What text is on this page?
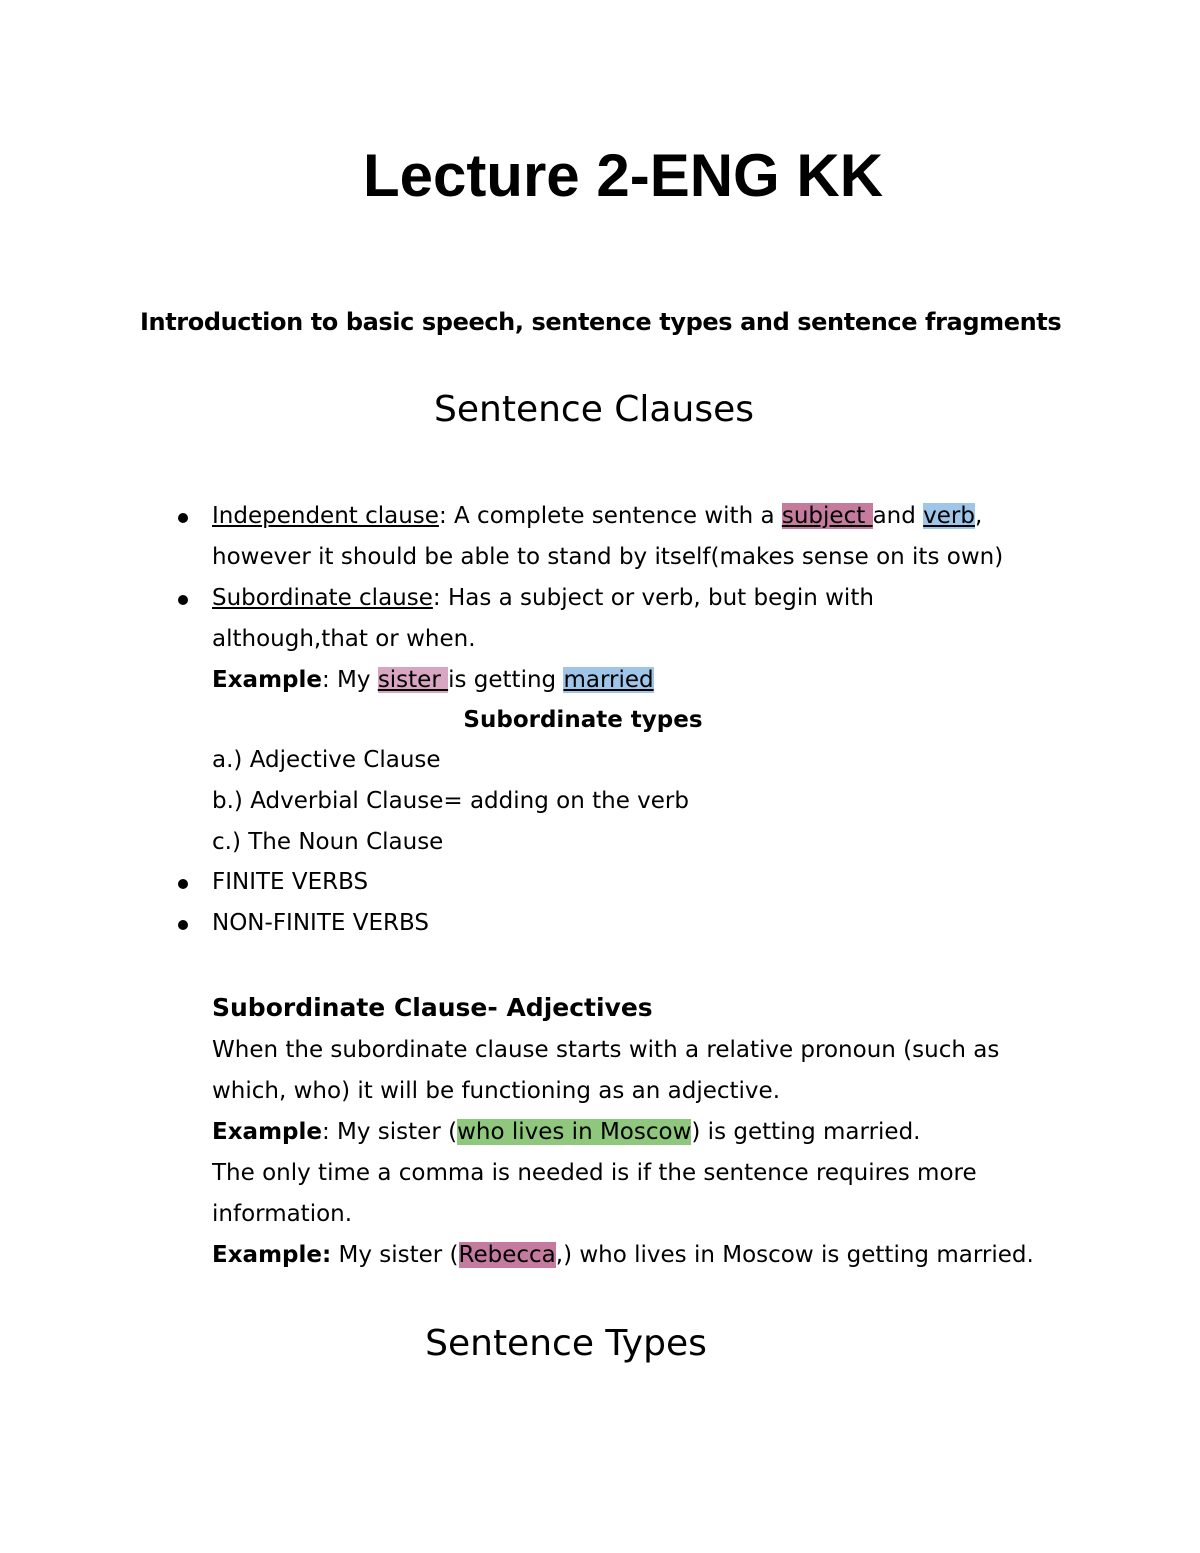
Lecture 2-ENG KK
Introduction to basic speech, sentence types and sentence fragments
Sentence Clauses
Independent clause: A complete sentence with a subject and verb,
however it should be able to stand by itself(makes sense on its own)
Subordinate clause: Has a subject or verb, but begin with
although,that or when.
Example: My sister is getting married
Subordinate types
a.) Adjective Clause
b.) Adverbial Clause= adding on the verb
c.) The Noun Clause
FINITE VERBS
NON-FINITE VERBS
Subordinate Clause- Adjectives
When the subordinate clause starts with a relative pronoun (such as
which, who) it will be functioning as an adjective.
Example: My sister (who lives in Moscow) is getting married.
The only time a comma is needed is if the sentence requires more
information.
Example: My sister (Rebecca,) who lives in Moscow is getting married.
Sentence Types
